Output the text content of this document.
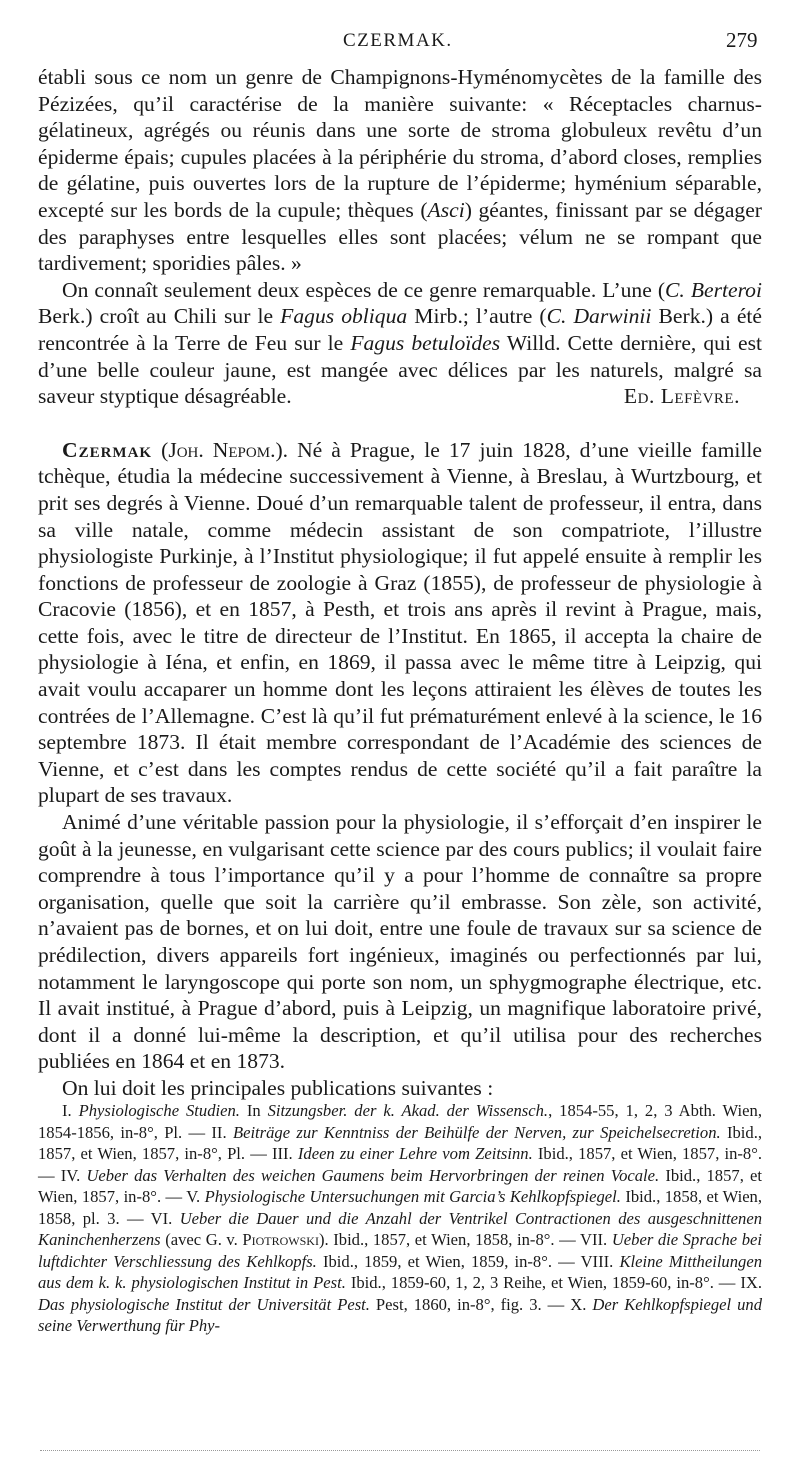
CZERMAK.	279

établi sous ce nom un genre de Champignons-Hyménomycètes de la famille des Pézizées, qu’il caractérise de la manière suivante: « Réceptacles charnus-gélatineux, agrégés ou réunis dans une sorte de stroma globuleux revêtu d’un épiderme épais; cupules placées à la périphérie du stroma, d’abord closes, remplies de gélatine, puis ouvertes lors de la rupture de l’épiderme; hyménium séparable, excepté sur les bords de la cupule; thèques (Asci) géantes, finissant par se dégager des paraphyses entre lesquelles elles sont placées; vélum ne se rompant que tardivement; sporidies pâles. »

On connaît seulement deux espèces de ce genre remarquable. L’une (C. Berteroi Berk.) croît au Chili sur le Fagus obliqua Mirb.; l’autre (C. Darwinii Berk.) a été rencontrée à la Terre de Feu sur le Fagus betuloïdes Willd. Cette dernière, qui est d’une belle couleur jaune, est mangée avec délices par les naturels, malgré sa saveur styptique désagréable.	Ed. Lefèvre.

Czermak (Joh. Nepom.). Né à Prague, le 17 juin 1828, d’une vieille famille tchèque, étudia la médecine successivement à Vienne, à Breslau, à Wurtzbourg, et prit ses degrés à Vienne. Doué d’un remarquable talent de professeur, il entra, dans sa ville natale, comme médecin assistant de son compatriote, l’illustre physiologiste Purkinje, à l’Institut physiologique; il fut appelé ensuite à remplir les fonctions de professeur de zoologie à Graz (1855), de professeur de physiologie à Cracovie (1856), et en 1857, à Pesth, et trois ans après il revint à Prague, mais, cette fois, avec le titre de directeur de l’Institut. En 1865, il accepta la chaire de physiologie à Iéna, et enfin, en 1869, il passa avec le même titre à Leipzig, qui avait voulu accaparer un homme dont les leçons attiraient les élèves de toutes les contrées de l’Allemagne. C’est là qu’il fut prématurément enlevé à la science, le 16 septembre 1873. Il était membre correspondant de l’Académie des sciences de Vienne, et c’est dans les comptes rendus de cette société qu’il a fait paraître la plupart de ses travaux.

Animé d’une véritable passion pour la physiologie, il s’efforçait d’en inspirer le goût à la jeunesse, en vulgarisant cette science par des cours publics; il voulait faire comprendre à tous l’importance qu’il y a pour l’homme de connaître sa propre organisation, quelle que soit la carrière qu’il embrasse. Son zèle, son activité, n’avaient pas de bornes, et on lui doit, entre une foule de travaux sur sa science de prédilection, divers appareils fort ingénieux, imaginés ou perfectionnés par lui, notamment le laryngoscope qui porte son nom, un sphygmographe électrique, etc. Il avait institué, à Prague d’abord, puis à Leipzig, un magnifique laboratoire privé, dont il a donné lui-même la description, et qu’il utilisa pour des recherches publiées en 1864 et en 1873.

On lui doit les principales publications suivantes :

I. Physiologische Studien. In Sitzungsber. der k. Akad. der Wissensch., 1854-55, 1, 2, 3 Abth. Wien, 1854-1856, in-8°, Pl. — II. Beiträge zur Kenntniss der Beihülfe der Nerven, zur Speichelsecretion. Ibid., 1857, et Wien, 1857, in-8°, Pl. — III. Ideen zu einer Lehre vom Zeitsinn. Ibid., 1857, et Wien, 1857, in-8°. — IV. Ueber das Verhalten des weichen Gaumens beim Hervorbringen der reinen Vocale. Ibid., 1857, et Wien, 1857, in-8°. — V. Physiologische Untersuchungen mit Garcia’s Kehlkopfspiegel. Ibid., 1858, et Wien, 1858, pl. 3. — VI. Ueber die Dauer und die Anzahl der Ventrikel Contractionen des ausgeschnittenen Kaninchenherzens (avec G. v. Piotrowski). Ibid., 1857, et Wien, 1858, in-8°. — VII. Ueber die Sprache bei luftdichter Verschliessung des Kehlkopfs. Ibid., 1859, et Wien, 1859, in-8°. — VIII. Kleine Mittheilungen aus dem k. k. physiologischen Institut in Pest. Ibid., 1859-60, 1, 2, 3 Reihe, et Wien, 1859-60, in-8°. — IX. Das physiologische Institut der Universität Pest. Pest, 1860, in-8°, fig. 3. — X. Der Kehlkopfspiegel und seine Verwerthung für Phy-
